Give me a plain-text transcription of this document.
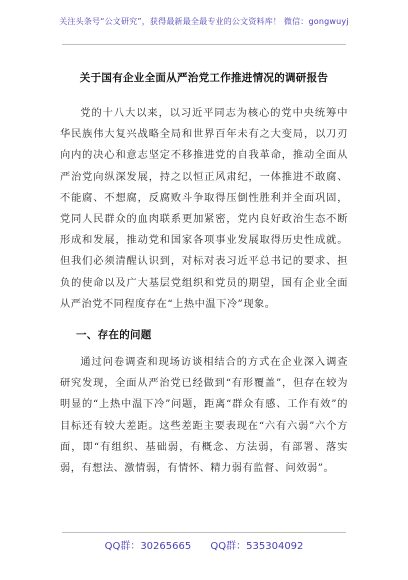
关注头条号“公文研究”，获得最新最全最专业的公文资料库！ 微信：gongwuyj
关于国有企业全面从严治党工作推进情况的调研报告

党的十八大以来，以习近平同志为核心的党中央统筹中华民族伟大复兴战略全局和世界百年未有之大变局，以刀刃向内的决心和意志坚定不移推进党的自我革命，推动全面从严治党向纵深发展，持之以恒正风肃纪，一体推进不敢腐、不能腐、不想腐，反腐败斗争取得压倒性胜利并全面巩固，党同人民群众的血肉联系更加紧密，党内良好政治生态不断形成和发展，推动党和国家各项事业发展取得历史性成就。但我们必须清醒认识到，对标对表习近平总书记的要求、担负的使命以及广大基层党组织和党员的期望，国有企业全面从严治党不同程度存在“上热中温下冷”现象。

一、存在的问题

通过问卷调查和现场访谈相结合的方式在企业深入调查研究发现，全面从严治党已经做到“有形覆盖”，但存在较为明显的“上热中温下冷”问题，距离“群众有感、工作有效”的目标还有较大差距。这些差距主要表现在“六有六弱”六个方面，即“有组织、基础弱，有概念、方法弱，有部署、落实弱，有想法、激情弱，有情怀、精力弱有监督、问效弱”。

QQ群：30265665 QQ群：535304092
